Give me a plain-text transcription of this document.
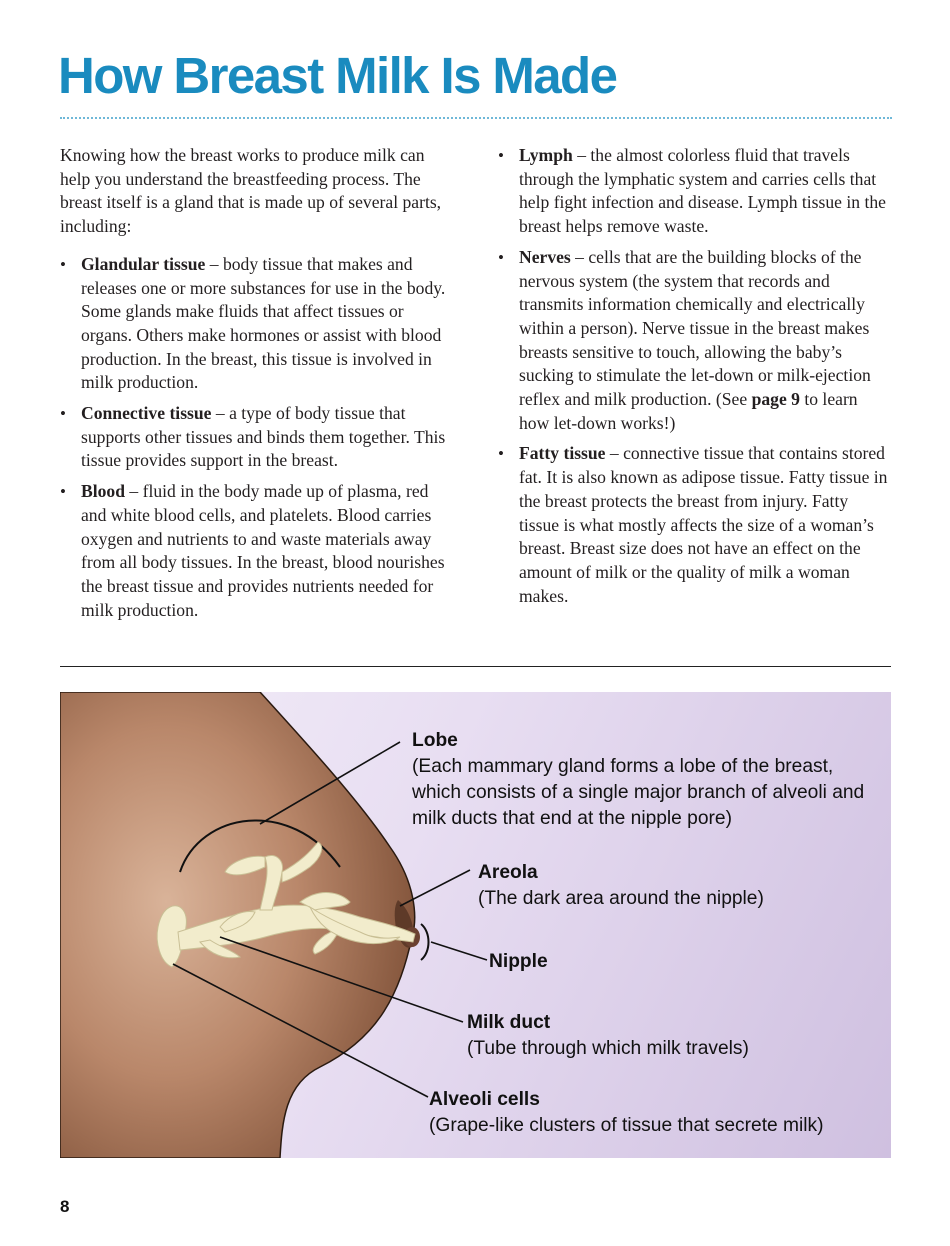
How Breast Milk Is Made

Knowing how the breast works to produce milk can help you understand the breastfeeding process. The breast itself is a gland that is made up of several parts, including:

• Glandular tissue – body tissue that makes and releases one or more substances for use in the body. Some glands make fluids that affect tissues or organs. Others make hormones or assist with blood production. In the breast, this tissue is involved in milk production.
• Connective tissue – a type of body tissue that supports other tissues and binds them together. This tissue provides support in the breast.
• Blood – fluid in the body made up of plasma, red and white blood cells, and platelets. Blood carries oxygen and nutrients to and waste materials away from all body tissues. In the breast, blood nourishes the breast tissue and provides nutrients needed for milk production.
• Lymph – the almost colorless fluid that travels through the lymphatic system and carries cells that help fight infection and disease. Lymph tissue in the breast helps remove waste.
• Nerves – cells that are the building blocks of the nervous system (the system that records and transmits information chemically and electrically within a person). Nerve tissue in the breast makes breasts sensitive to touch, allowing the baby’s sucking to stimulate the let-down or milk-ejection reflex and milk production. (See page 9 to learn how let-down works!)
• Fatty tissue – connective tissue that contains stored fat. It is also known as adipose tissue. Fatty tissue in the breast protects the breast from injury. Fatty tissue is what mostly affects the size of a woman’s breast. Breast size does not have an effect on the amount of milk or the quality of milk a woman makes.
Lobe
(Each mammary gland forms a lobe of the breast, which consists of a single major branch of alveoli and milk ducts that end at the nipple pore)
Areola
(The dark area around the nipple)
Nipple
Milk duct
(Tube through which milk travels)
Alveoli cells
(Grape-like clusters of tissue that secrete milk)
8
